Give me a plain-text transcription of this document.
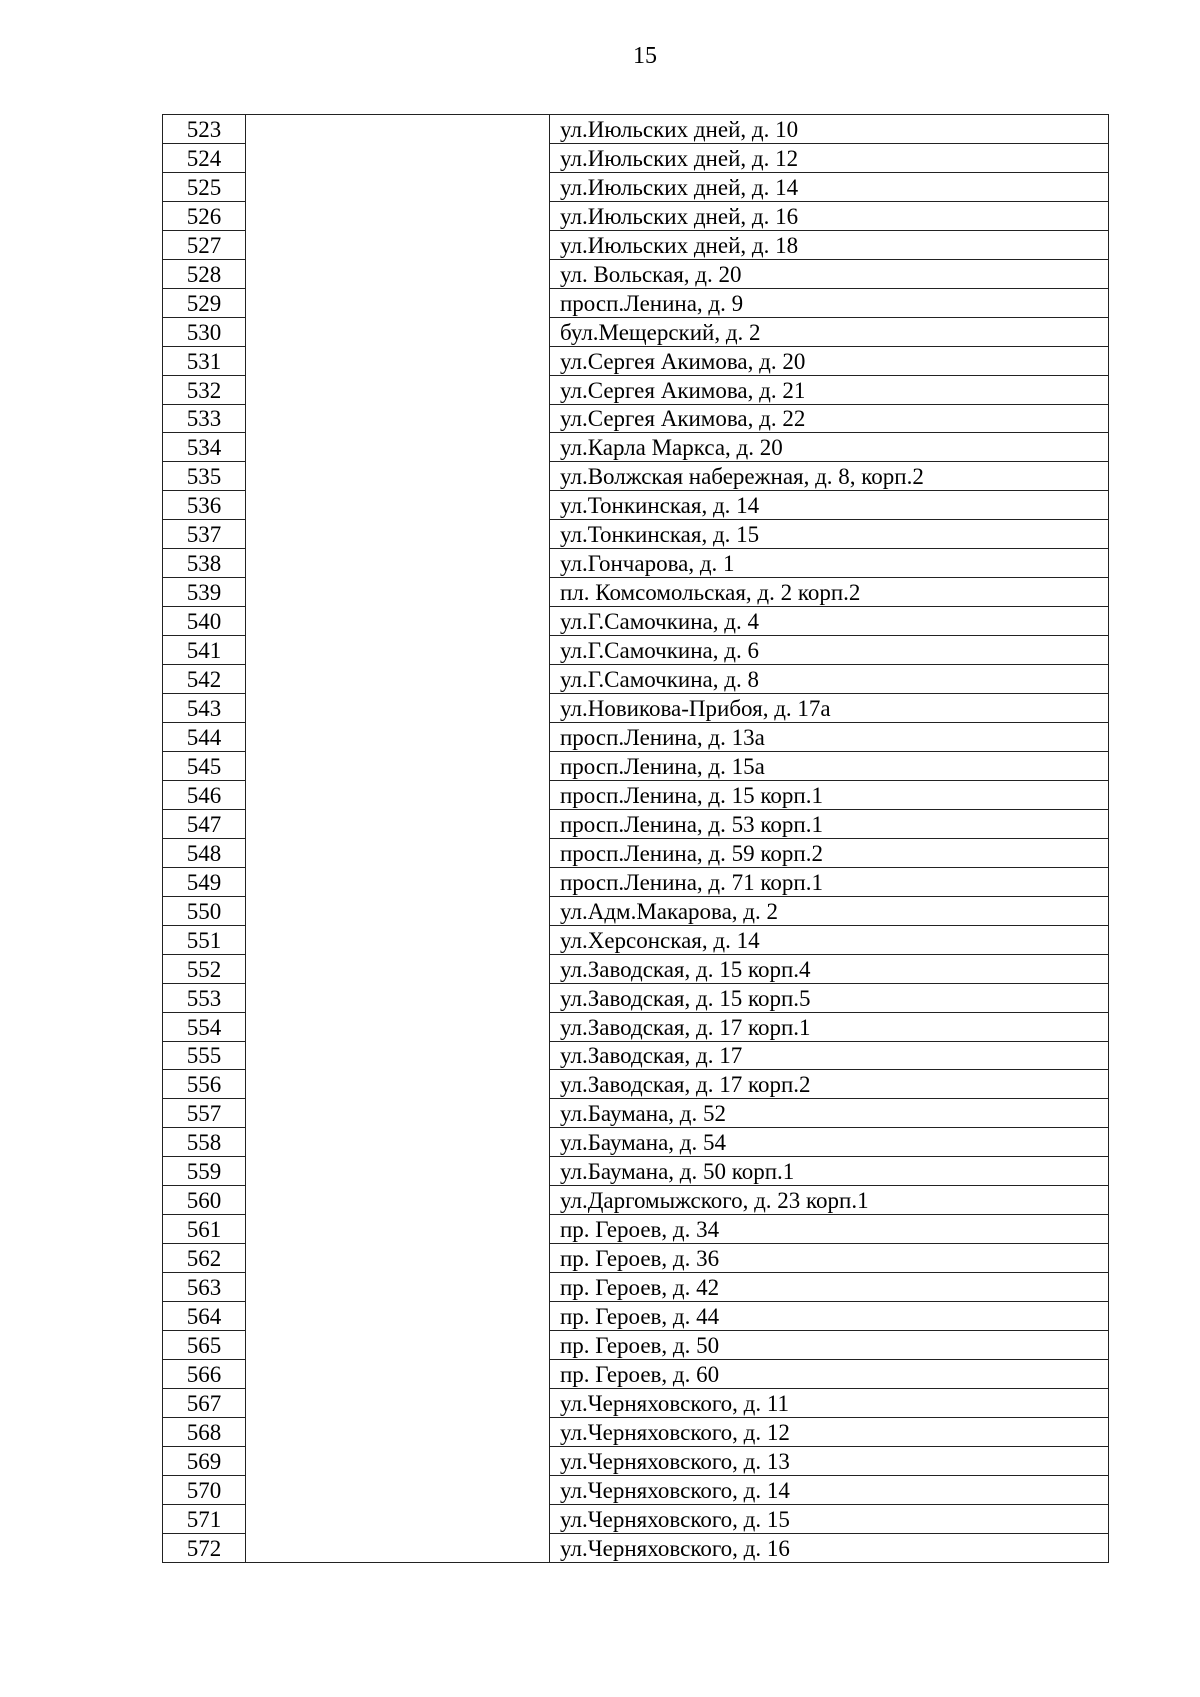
15
523		ул.Июльских дней, д. 10
524		ул.Июльских дней, д. 12
525		ул.Июльских дней, д. 14
526		ул.Июльских дней, д. 16
527		ул.Июльских дней, д. 18
528		ул. Вольская, д. 20
529		просп.Ленина, д. 9
530		бул.Мещерский, д. 2
531		ул.Сергея Акимова, д. 20
532		ул.Сергея Акимова, д. 21
533		ул.Сергея Акимова, д. 22
534		ул.Карла Маркса, д. 20
535		ул.Волжская набережная, д. 8, корп.2
536		ул.Тонкинская, д. 14
537		ул.Тонкинская, д. 15
538		ул.Гончарова, д. 1
539		пл. Комсомольская, д. 2 корп.2
540		ул.Г.Самочкина, д. 4
541		ул.Г.Самочкина, д. 6
542		ул.Г.Самочкина, д. 8
543		ул.Новикова-Прибоя, д. 17а
544		просп.Ленина, д. 13а
545		просп.Ленина, д. 15а
546		просп.Ленина, д. 15 корп.1
547		просп.Ленина, д. 53 корп.1
548		просп.Ленина, д. 59 корп.2
549		просп.Ленина, д. 71 корп.1
550		ул.Адм.Макарова, д. 2
551		ул.Херсонская, д. 14
552		ул.Заводская, д. 15 корп.4
553		ул.Заводская, д. 15 корп.5
554		ул.Заводская, д. 17 корп.1
555		ул.Заводская, д. 17
556		ул.Заводская, д. 17 корп.2
557		ул.Баумана, д. 52
558		ул.Баумана, д. 54
559		ул.Баумана, д. 50 корп.1
560		ул.Даргомыжского, д. 23 корп.1
561		пр. Героев, д. 34
562		пр. Героев, д. 36
563		пр. Героев, д. 42
564		пр. Героев, д. 44
565		пр. Героев, д. 50
566		пр. Героев, д. 60
567		ул.Черняховского, д. 11
568		ул.Черняховского, д. 12
569		ул.Черняховского, д. 13
570		ул.Черняховского, д. 14
571		ул.Черняховского, д. 15
572		ул.Черняховского, д. 16
